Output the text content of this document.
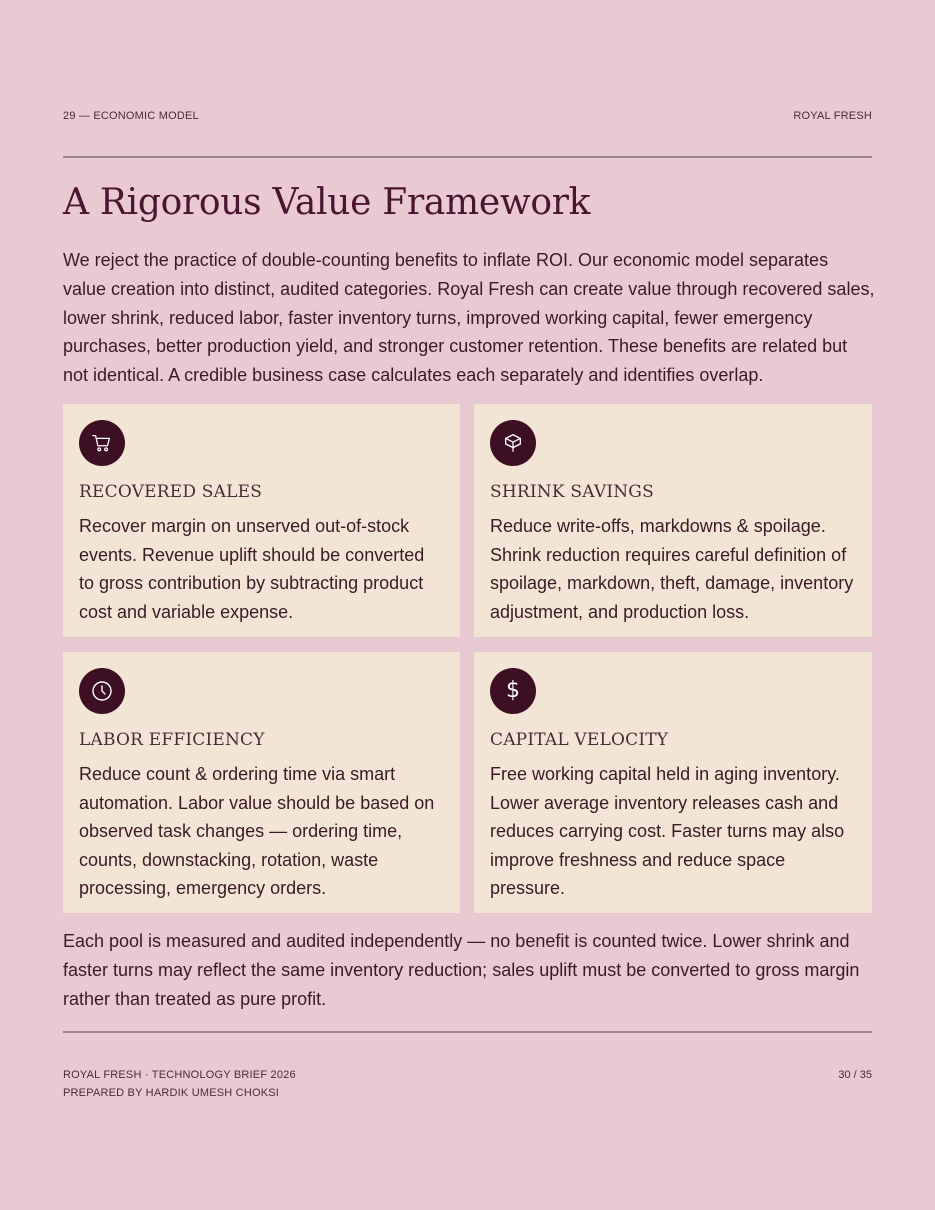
29 — ECONOMIC MODEL	ROYAL FRESH
A Rigorous Value Framework

We reject the practice of double-counting benefits to inflate ROI. Our economic model separates value creation into distinct, audited categories. Royal Fresh can create value through recovered sales, lower shrink, reduced labor, faster inventory turns, improved working capital, fewer emergency purchases, better production yield, and stronger customer retention. These benefits are related but not identical. A credible business case calculates each separately and identifies overlap.

RECOVERED SALES
Recover margin on unserved out-of-stock events. Revenue uplift should be converted to gross contribution by subtracting product cost and variable expense.
SHRINK SAVINGS
Reduce write-offs, markdowns & spoilage. Shrink reduction requires careful definition of spoilage, markdown, theft, damage, inventory adjustment, and production loss.
LABOR EFFICIENCY
Reduce count & ordering time via smart automation. Labor value should be based on observed task changes — ordering time, counts, downstacking, rotation, waste processing, emergency orders.
$
CAPITAL VELOCITY
Free working capital held in aging inventory. Lower average inventory releases cash and reduces carrying cost. Faster turns may also improve freshness and reduce space pressure.

Each pool is measured and audited independently — no benefit is counted twice. Lower shrink and faster turns may reflect the same inventory reduction; sales uplift must be converted to gross margin rather than treated as pure profit.

ROYAL FRESH · TECHNOLOGY BRIEF 2026
PREPARED BY HARDIK UMESH CHOKSI
30 / 35
